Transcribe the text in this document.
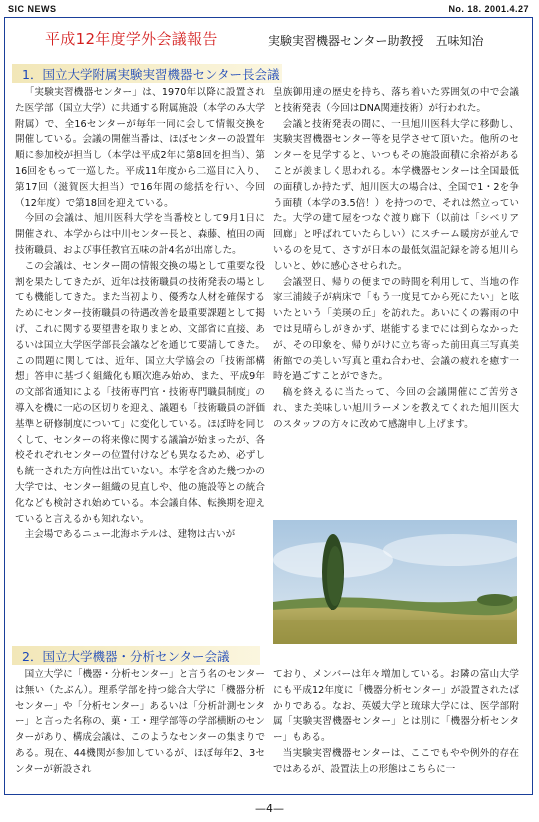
SIC NEWS	No. 18. 2001.4.27
平成12年度学外会議報告	実験実習機器センター助教授　五味知治
1．国立大学附属実験実習機器センター長会議

「実験実習機器センター」は、1970年以降に設置された医学部（国立大学）に共通する附属施設（本学のみ大学附属）で、全16センターが毎年一同に会して情報交換を開催している。会議の開催当番は、ほぼセンターの設置年順に参加校が担当し（本学は平成2年に第8回を担当）、第16回をもって一巡した。平成11年度から二巡目に入り、第17回（滋賀医大担当）で16年間の総括を行い、今回（12年度）で第18回を迎えている。

今回の会議は、旭川医科大学を当番校として9月1日に開催され、本学からは中川センター長と、森藤、植田の両技術職員、および事任教官五味の計4名が出席した。

この会議は、センター間の情報交換の場として重要な役割を果たしてきたが、近年は技術職員の技術発表の場としても機能してきた。また当初より、優秀な人材を確保するためにセンター技術職員の待遇改善を最重要課題として掲げ、これに関する要望書を取りまとめ、文部省に直接、あるいは国立大学医学部長会議などを通じて要請してきた。この問題に関しては、近年、国立大学協会の「技術部構想」答申に基づく組織化も順次進み始め、また、平成9年の文部省通知による「技術専門官・技術専門職員制度」の導入を機に一応の区切りを迎え、議題も「技術職員の評価基準と研修制度について」に変化している。ほぼ時を同じくして、センターの将来像に関する議論が始まったが、各校それぞれセンターの位置付けなども異なるため、必ずしも統一された方向性は出ていない。本学を含めた幾つかの大学では、センター組織の見直しや、他の施設等との統合化なども検討され始めている。本会議自体、転換期を迎えていると言えるかも知れない。

主会場であるニュー北海ホテルは、建物は古いが

皇族御用達の歴史を持ち、落ち着いた雰囲気の中で会議と技術発表（今回はDNA関連技術）が行われた。

会議と技術発表の間に、一旦旭川医科大学に移動し、実験実習機器センター等を見学させて頂いた。他所のセンターを見学すると、いつもその施設面積に余裕があることが羨ましく思われる。本学機器センターは全国最低の面積しか持たず、旭川医大の場合は、全国で1・2を争う面積（本学の3.5倍！）を持つので、それは然立っていた。大学の建て屋をつなぐ渡り廊下（以前は「シベリア回廊」と呼ばれていたらしい）にスチーム暖房が並んでいるのを見て、さすが日本の最低気温記録を誇る旭川らしいと、妙に感心させられた。

会議翌日、帰りの便までの時間を利用して、当地の作家三浦綾子が病床で「もう一度見てから死にたい」と呟いたという「美瑛の丘」を訪れた。あいにくの霧雨の中では見晴らしがきかず、堪能するまでには到らなかったが、その印象を、帰りがけに立ち寄った前田真三写真美術館での美しい写真と重ね合わせ、会議の疲れを癒す一時を過ごすことができた。

稿を終えるに当たって、今回の会議開催にご苦労され、また美味しい旭川ラーメンを教えてくれた旭川医大のスタッフの方々に改めて感謝申し上げます。

2．国立大学機器・分析センター会議

国立大学に「機器・分析センター」と言う名のセンターは無い（たぶん）。理系学部を持つ総合大学に「機器分析センター」や「分析センター」あるいは「分析計測センター」と言った名称の、菓・工・理学部等の学部横断のセンターがあり、構成会議は、このようなセンターの集まりである。現在、44機関が参加しているが、ほぼ毎年2、3センターが新設され

ており、メンバーは年々増加している。お隣の富山大学にも平成12年度に「機器分析センター」が設置されたばかりである。なお、英媛大学と琉球大学には、医学部附属「実験実習機器センター」とは別に「機器分析センター」もある。

当実験実習機器センターは、ここでもやや例外的存在ではあるが、設置法上の形態はこちらに一

—4—
